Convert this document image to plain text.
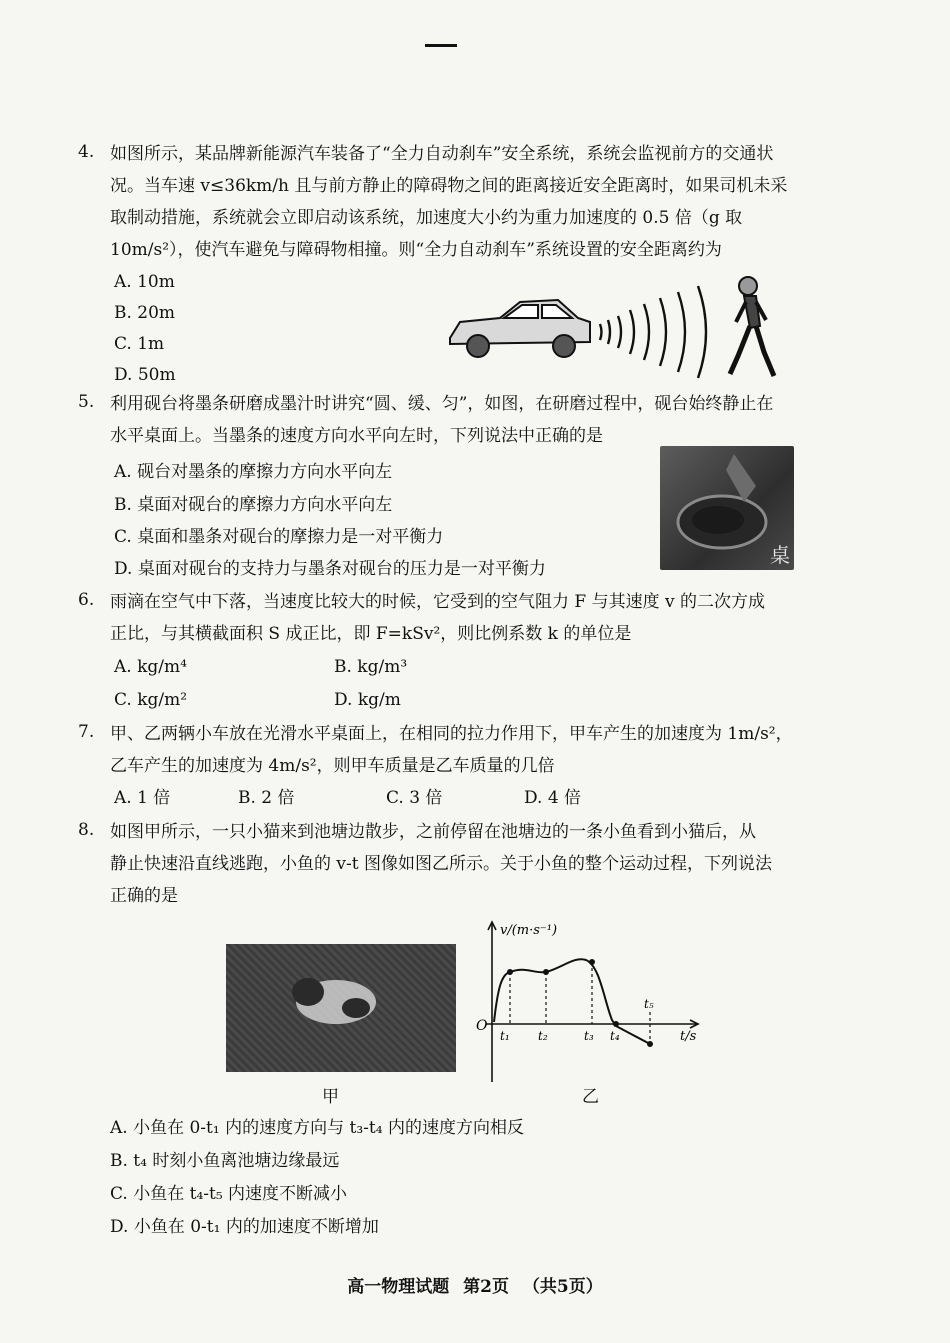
4. 如图所示，某品牌新能源汽车装备了“全力自动刹车”安全系统，系统会监视前方的交通状
况。当车速 v≤36km/h 且与前方静止的障碍物之间的距离接近安全距离时，如果司机未采
取制动措施，系统就会立即启动该系统，加速度大小约为重力加速度的 0.5 倍（g 取
10m/s²），使汽车避免与障碍物相撞。则“全力自动刹车”系统设置的安全距离约为
A. 10m
B. 20m
C. 1m
D. 50m
5. 利用砚台将墨条研磨成墨汁时讲究“圆、缓、匀”，如图，在研磨过程中，砚台始终静止在
水平桌面上。当墨条的速度方向水平向左时，下列说法中正确的是
A. 砚台对墨条的摩擦力方向水平向左
B. 桌面对砚台的摩擦力方向水平向左
C. 桌面和墨条对砚台的摩擦力是一对平衡力
D. 桌面对砚台的支持力与墨条对砚台的压力是一对平衡力
桌
6. 雨滴在空气中下落，当速度比较大的时候，它受到的空气阻力 F 与其速度 v 的二次方成
正比，与其横截面积 S 成正比，即 F=kSv²，则比例系数 k 的单位是
A. kg/m⁴	B. kg/m³
C. kg/m²	D. kg/m
7. 甲、乙两辆小车放在光滑水平桌面上，在相同的拉力作用下，甲车产生的加速度为 1m/s²，
乙车产生的加速度为 4m/s²，则甲车质量是乙车质量的几倍
A. 1 倍	B. 2 倍	C. 3 倍	D. 4 倍
8. 如图甲所示，一只小猫来到池塘边散步，之前停留在池塘边的一条小鱼看到小猫后，从
静止快速沿直线逃跑，小鱼的 v-t 图像如图乙所示。关于小鱼的整个运动过程，下列说法
正确的是
甲
v/(m·s⁻¹)
t/s
O
t₁ t₂	t₃ t₄
t₅
乙
A. 小鱼在 0-t₁ 内的速度方向与 t₃-t₄ 内的速度方向相反
B. t₄ 时刻小鱼离池塘边缘最远
C. 小鱼在 t₄-t₅ 内速度不断减小
D. 小鱼在 0-t₁ 内的加速度不断增加
高一物理试题 第2页 （共5页）
